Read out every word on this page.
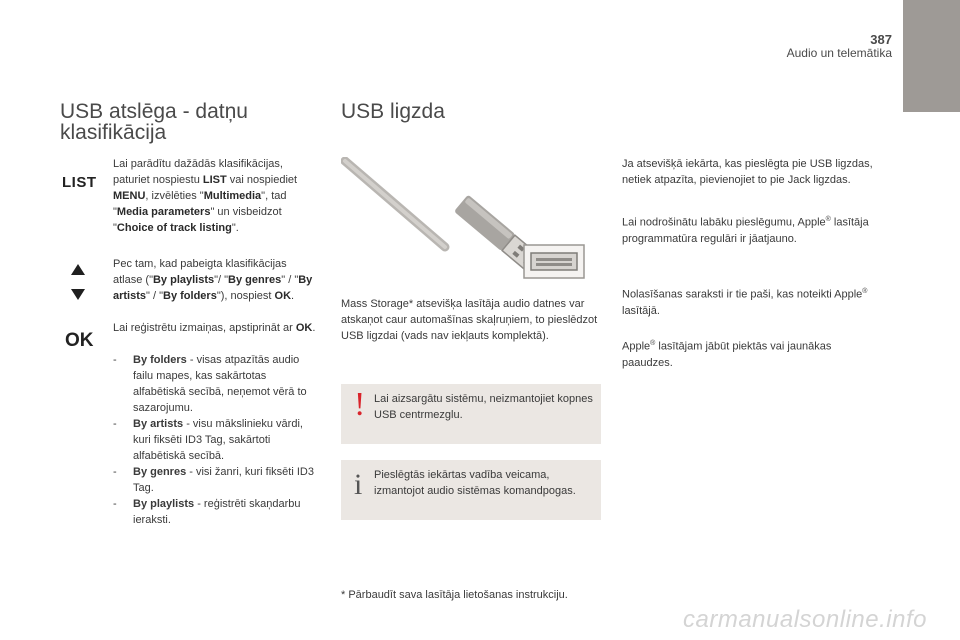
387
Audio un telemātika
USB atslēga - datņu klasifikācija
LIST
OK
Lai parādītu dažādās klasifikācijas, paturiet nospiestu LIST vai nospiediet MENU, izvēlēties "Multimedia", tad "Media parameters" un visbeidzot "Choice of track listing".
Pec tam, kad pabeigta klasifikācijas atlase ("By playlists"/ "By genres" / "By artists" / "By folders"), nospiest OK.
Lai reģistrētu izmaiņas, apstiprināt ar OK.
- By folders - visas atpazītās audio failu mapes, kas sakārtotas alfabētiskā secībā, neņemot vērā to sazarojumu.
- By artists - visu mākslinieku vārdi, kuri fiksēti ID3 Tag, sakārtoti alfabētiskā secībā.
- By genres - visi žanri, kuri fiksēti ID3 Tag.
- By playlists - reģistrēti skaņdarbu ieraksti.
USB ligzda
Mass Storage* atsevišķa lasītāja audio datnes var atskaņot caur automašīnas skaļruņiem, to pieslēdzot USB ligzdai (vads nav iekļauts komplektā).
! Lai aizsargātu sistēmu, neizmantojiet kopnes USB centrmezglu.
i Pieslēgtās iekārtas vadība veicama, izmantojot audio sistēmas komandpogas.
* Pārbaudīt sava lasītāja lietošanas instrukciju.
Ja atsevišķā iekārta, kas pieslēgta pie USB ligzdas, netiek atpazīta, pievienojiet to pie Jack ligzdas.
Lai nodrošinātu labāku pieslēgumu, Apple® lasītāja programmatūra regulāri ir jāatjauno.
Nolasīšanas saraksti ir tie paši, kas noteikti Apple® lasītājā.
Apple® lasītājam jābūt piektās vai jaunākas paaudzes.
carmanualsonline.info
